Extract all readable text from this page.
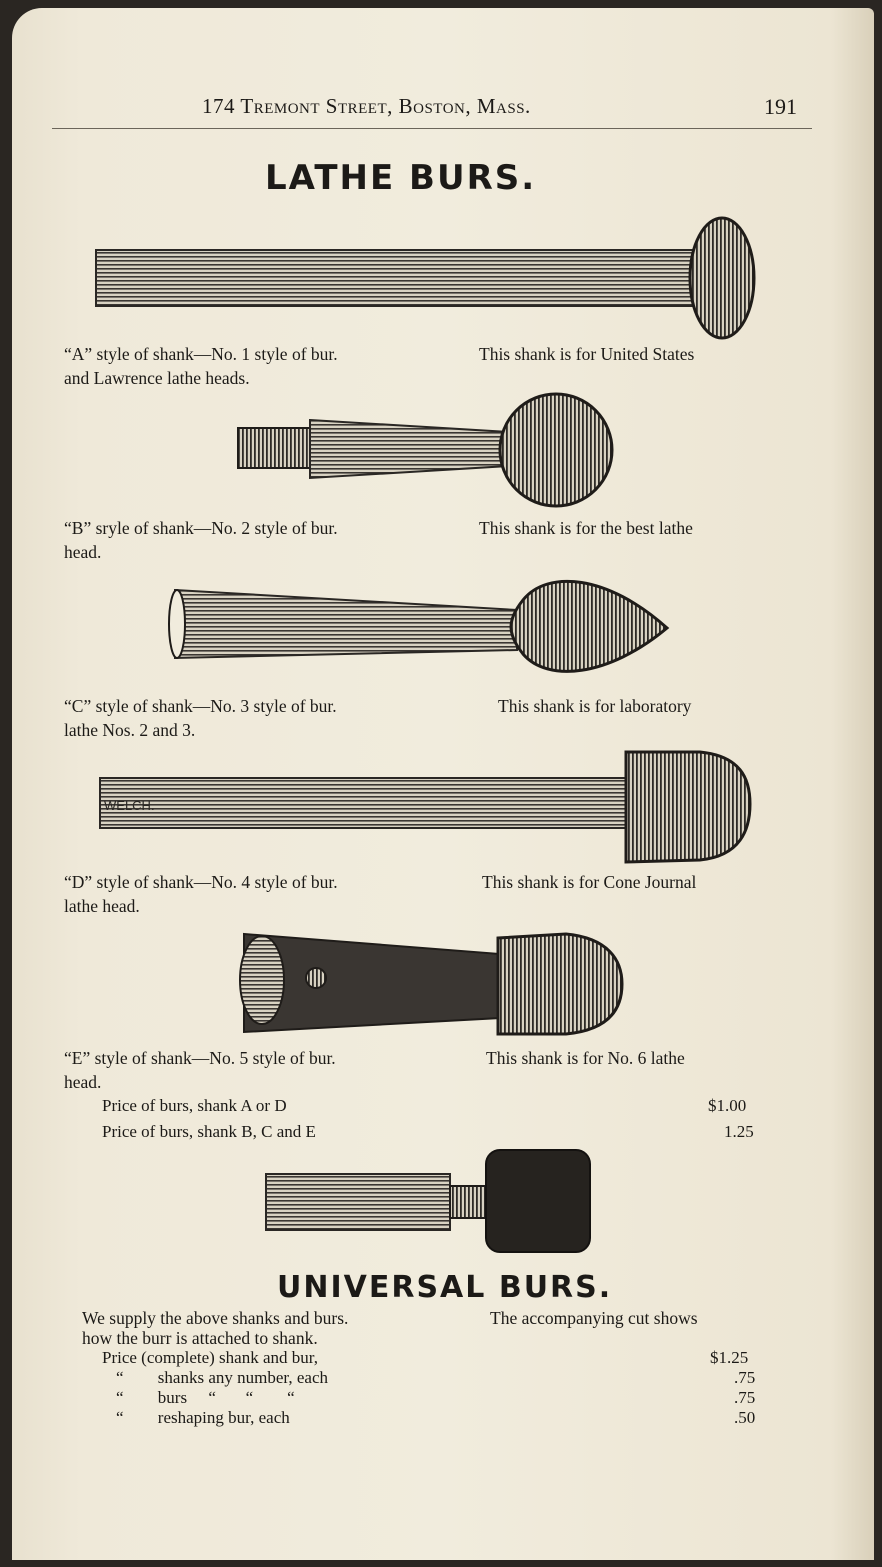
174 Tremont Street, Boston, Mass.	191
LATHE BURS.
“A” style of shank—No. 1 style of bur.	This shank is for United States

and Lawrence lathe heads.
“B” sryle of shank—No. 2 style of bur.	This shank is for the best lathe

head.
“C” style of shank—No. 3 style of bur.	This shank is for laboratory

lathe Nos. 2 and 3.
WELCH.
“D” style of shank—No. 4 style of bur.	This shank is for Cone Journal

lathe head.
“E” style of shank—No. 5 style of bur.	This shank is for No. 6 lathe

head.
Price of burs, shank A or D	$1.00
Price of burs, shank B, C and E	1.25
UNIVERSAL BURS.
We supply the above shanks and burs.	The accompanying cut shows

how the burr is attached to shank.
Price (complete) shank and bur,	$1.25
“ shanks any number, each	.75
“ burs     “       “        “	.75
“ reshaping bur, each	.50
